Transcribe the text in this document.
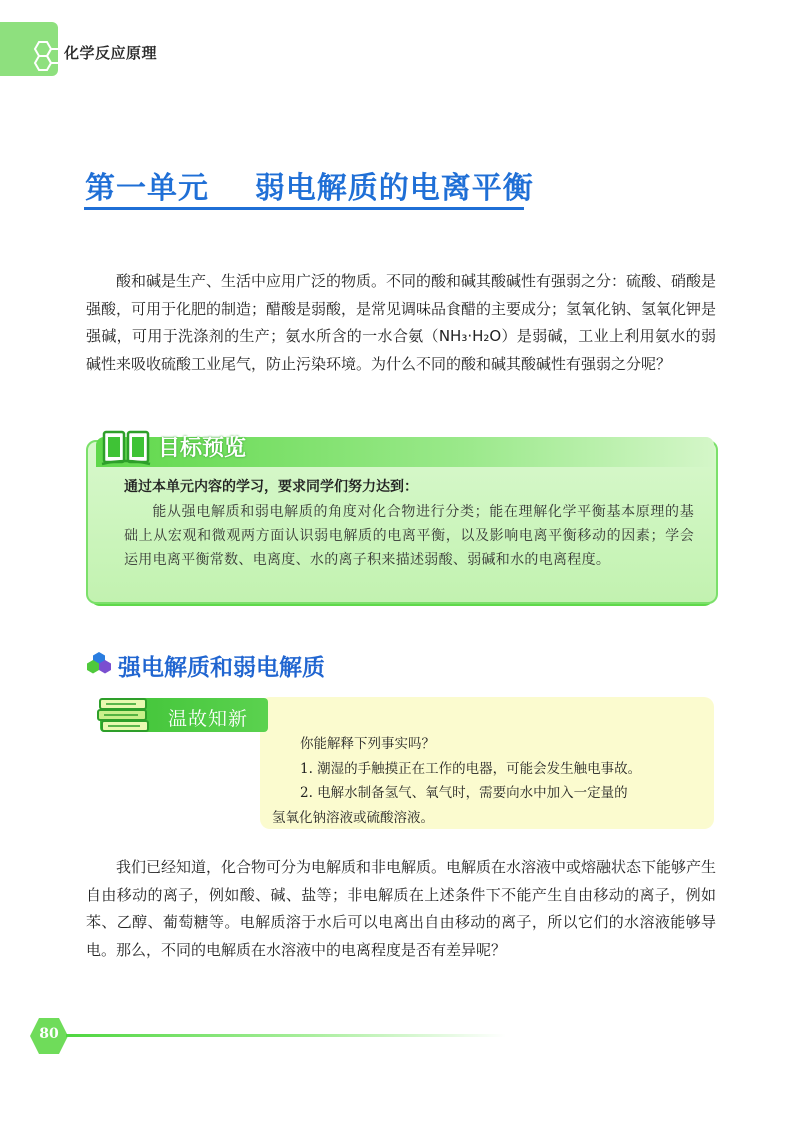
化学反应原理
第一单元    弱电解质的电离平衡
酸和碱是生产、生活中应用广泛的物质。不同的酸和碱其酸碱性有强弱之分：硫酸、硝酸是强酸，可用于化肥的制造；醋酸是弱酸，是常见调味品食醋的主要成分；氢氧化钠、氢氧化钾是强碱，可用于洗涤剂的生产；氨水所含的一水合氨（NH₃·H₂O）是弱碱，工业上利用氨水的弱碱性来吸收硫酸工业尾气，防止污染环境。为什么不同的酸和碱其酸碱性有强弱之分呢？
目标预览
通过本单元内容的学习，要求同学们努力达到：
能从强电解质和弱电解质的角度对化合物进行分类；能在理解化学平衡基本原理的基础上从宏观和微观两方面认识弱电解质的电离平衡，以及影响电离平衡移动的因素；学会运用电离平衡常数、电离度、水的离子积来描述弱酸、弱碱和水的电离程度。
强电解质和弱电解质
温故知新
你能解释下列事实吗？
1. 潮湿的手触摸正在工作的电器，可能会发生触电事故。
2. 电解水制备氢气、氧气时，需要向水中加入一定量的
氢氧化钠溶液或硫酸溶液。
我们已经知道，化合物可分为电解质和非电解质。电解质在水溶液中或熔融状态下能够产生自由移动的离子，例如酸、碱、盐等；非电解质在上述条件下不能产生自由移动的离子，例如苯、乙醇、葡萄糖等。电解质溶于水后可以电离出自由移动的离子，所以它们的水溶液能够导电。那么，不同的电解质在水溶液中的电离程度是否有差异呢？
80
